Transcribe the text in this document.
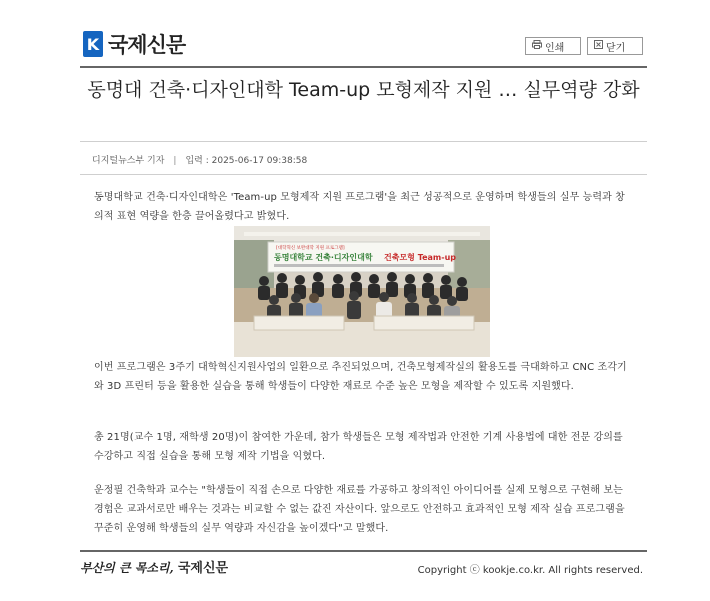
K 국제신문	인쇄	닫기
동명대 건축·디자인대학 Team-up 모형제작 지원 … 실무역량 강화
디지털뉴스부 기자 | 입력 : 2025-06-17 09:38:58
동명대학교 건축·디자인대학은 'Team-up 모형제작 지원 프로그램'을 최근 성공적으로 운영하며 학생들의 실무 능력과 창의적 표현 역량을 한층 끌어올렸다고 밝혔다.
[대학혁신 보완대학 지원 프로그램]
동명대학교 건축·디자인대학 건축모형 Team-up
이번 프로그램은 3주기 대학혁신지원사업의 일환으로 추진되었으며, 건축모형제작실의 활용도를 극대화하고 CNC 조각기와 3D 프린터 등을 활용한 실습을 통해 학생들이 다양한 재료로 수준 높은 모형을 제작할 수 있도록 지원했다.
총 21명(교수 1명, 재학생 20명)이 참여한 가운데, 참가 학생들은 모형 제작법과 안전한 기계 사용법에 대한 전문 강의를 수강하고 직접 실습을 통해 모형 제작 기법을 익혔다.
운정필 건축학과 교수는 "학생들이 직접 손으로 다양한 재료를 가공하고 창의적인 아이디어를 실제 모형으로 구현해 보는 경험은 교과서로만 배우는 것과는 비교할 수 없는 값진 자산이다. 앞으로도 안전하고 효과적인 모형 제작 실습 프로그램을 꾸준히 운영해 학생들의 실무 역량과 자신감을 높이겠다"고 말했다.
부산의 큰 목소리, 국제신문	Copyright ⓒ kookje.co.kr. All rights reserved.
